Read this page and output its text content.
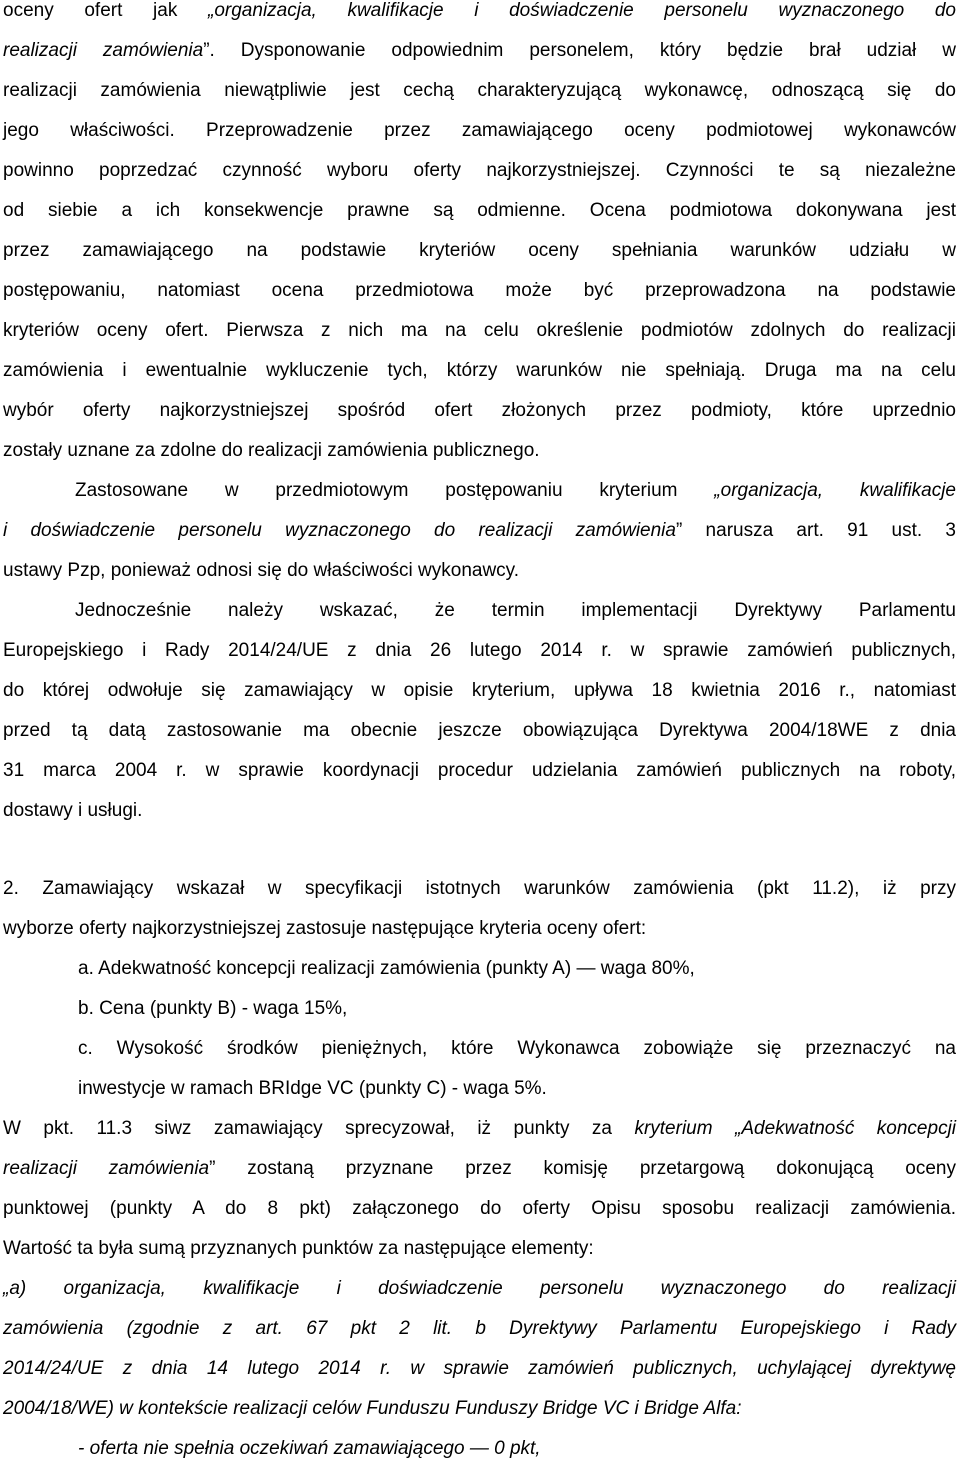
oceny ofert jak „organizacja, kwalifikacje i doświadczenie personelu wyznaczonego do
realizacji zamówienia”. Dysponowanie odpowiednim personelem, który będzie brał udział w
realizacji zamówienia niewątpliwie jest cechą charakteryzującą wykonawcę, odnoszącą się do
jego właściwości. Przeprowadzenie przez zamawiającego oceny podmiotowej wykonawców
powinno poprzedzać czynność wyboru oferty najkorzystniejszej. Czynności te są niezależne
od siebie a ich konsekwencje prawne są odmienne. Ocena podmiotowa dokonywana jest
przez zamawiającego na podstawie kryteriów oceny spełniania warunków udziału w
postępowaniu, natomiast ocena przedmiotowa może być przeprowadzona na podstawie
kryteriów oceny ofert. Pierwsza z nich ma na celu określenie podmiotów zdolnych do realizacji
zamówienia i ewentualnie wykluczenie tych, którzy warunków nie spełniają. Druga ma na celu
wybór oferty najkorzystniejszej spośród ofert złożonych przez podmioty, które uprzednio
zostały uznane za zdolne do realizacji zamówienia publicznego.
Zastosowane w przedmiotowym postępowaniu kryterium „organizacja, kwalifikacje
i doświadczenie personelu wyznaczonego do realizacji zamówienia” narusza art. 91 ust. 3
ustawy Pzp, ponieważ odnosi się do właściwości wykonawcy.
Jednocześnie należy wskazać, że termin implementacji Dyrektywy Parlamentu
Europejskiego i Rady 2014/24/UE z dnia 26 lutego 2014 r. w sprawie zamówień publicznych,
do której odwołuje się zamawiający w opisie kryterium, upływa 18 kwietnia 2016 r., natomiast
przed tą datą zastosowanie ma obecnie jeszcze obowiązująca Dyrektywa 2004/18WE z dnia
31 marca 2004 r. w sprawie koordynacji procedur udzielania zamówień publicznych na roboty,
dostawy i usługi.
2. Zamawiający wskazał w specyfikacji istotnych warunków zamówienia (pkt 11.2), iż przy
wyborze oferty najkorzystniejszej zastosuje następujące kryteria oceny ofert:
a. Adekwatność koncepcji realizacji zamówienia (punkty A) — waga 80%,
b. Cena (punkty B) - waga 15%,
c. Wysokość środków pieniężnych, które Wykonawca zobowiąże się przeznaczyć na
inwestycje w ramach BRIdge VC (punkty C) - waga 5%.
W pkt. 11.3 siwz zamawiający sprecyzował, iż punkty za kryterium „Adekwatność koncepcji
realizacji zamówienia” zostaną przyznane przez komisję przetargową dokonującą oceny
punktowej (punkty A do 8 pkt) załączonego do oferty Opisu sposobu realizacji zamówienia.
Wartość ta była sumą przyznanych punktów za następujące elementy:
„a) organizacja, kwalifikacje i doświadczenie personelu wyznaczonego do realizacji
zamówienia (zgodnie z art. 67 pkt 2 lit. b Dyrektywy Parlamentu Europejskiego i Rady
2014/24/UE z dnia 14 lutego 2014 r. w sprawie zamówień publicznych, uchylającej dyrektywę
2004/18/WE) w kontekście realizacji celów Funduszu Funduszy Bridge VC i Bridge Alfa:
- oferta nie spełnia oczekiwań zamawiającego — 0 pkt,
